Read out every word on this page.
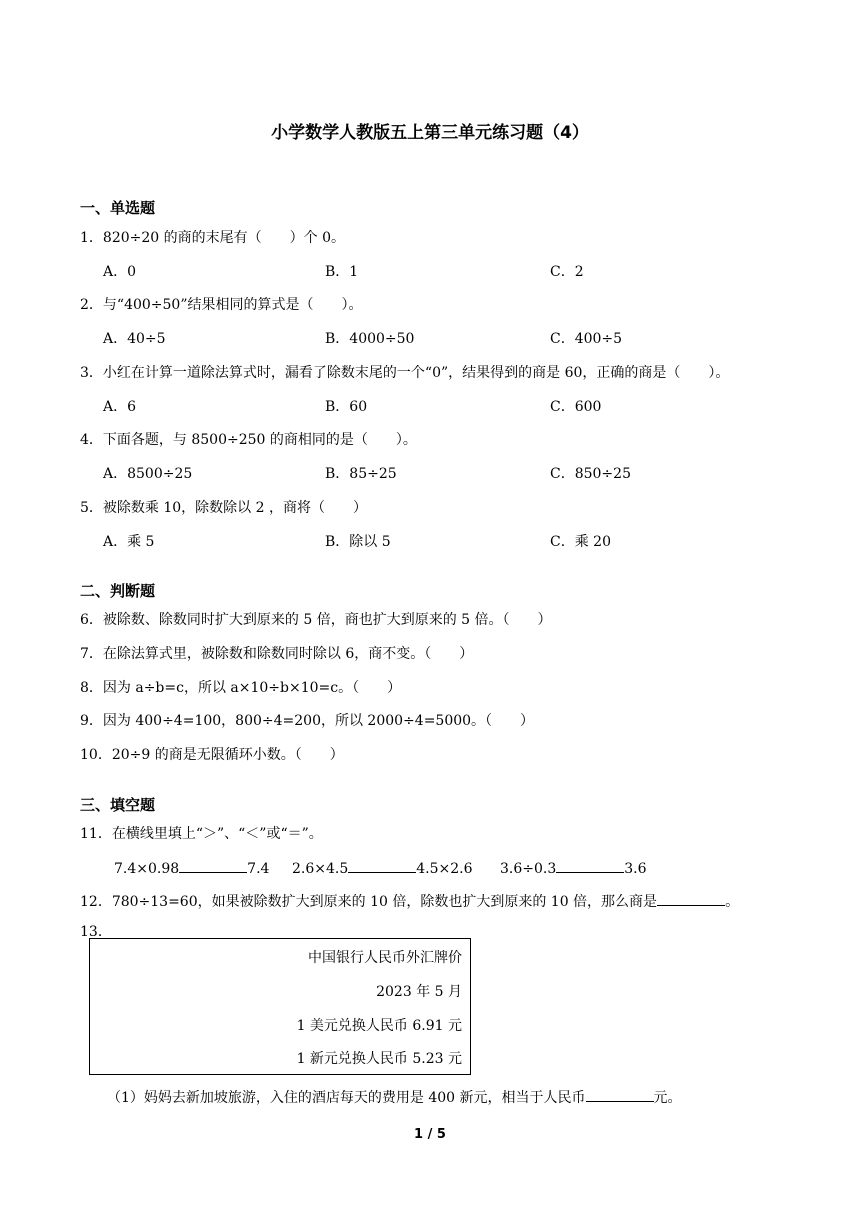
小学数学人教版五上第三单元练习题（4）
一、单选题
1．820÷20 的商的末尾有（　　）个 0。
A．0	B．1	C．2
2．与“400÷50”结果相同的算式是（　　）。
A．40÷5	B．4000÷50	C．400÷5
3．小红在计算一道除法算式时，漏看了除数末尾的一个“0”，结果得到的商是 60，正确的商是（　　）。
A．6	B．60	C．600
4．下面各题，与 8500÷250 的商相同的是（　　）。
A．8500÷25	B．85÷25	C．850÷25
5．被除数乘 10，除数除以 2 ，商将（　　）
A．乘 5	B．除以 5	C．乘 20
二、判断题
6．被除数、除数同时扩大到原来的 5 倍，商也扩大到原来的 5 倍。（　　）
7．在除法算式里，被除数和除数同时除以 6，商不变。（　　）
8．因为 a÷b=c，所以 a×10÷b×10=c。（　　）
9．因为 400÷4=100，800÷4=200，所以 2000÷4=5000。（　　）
10．20÷9 的商是无限循环小数。（　　）
三、填空题
11．在横线里填上“＞”、“＜”或“＝”。
7.4×0.98	7.4 2.6×4.5	4.5×2.6 3.6÷0.3	3.6
12．780÷13=60，如果被除数扩大到原来的 10 倍，除数也扩大到原来的 10 倍，那么商是	。
13．
中国银行人民币外汇牌价
2023 年 5 月
1 美元兑换人民币 6.91 元
1 新元兑换人民币 5.23 元
（1）妈妈去新加坡旅游，入住的酒店每天的费用是 400 新元，相当于人民币	元。
1 / 5
